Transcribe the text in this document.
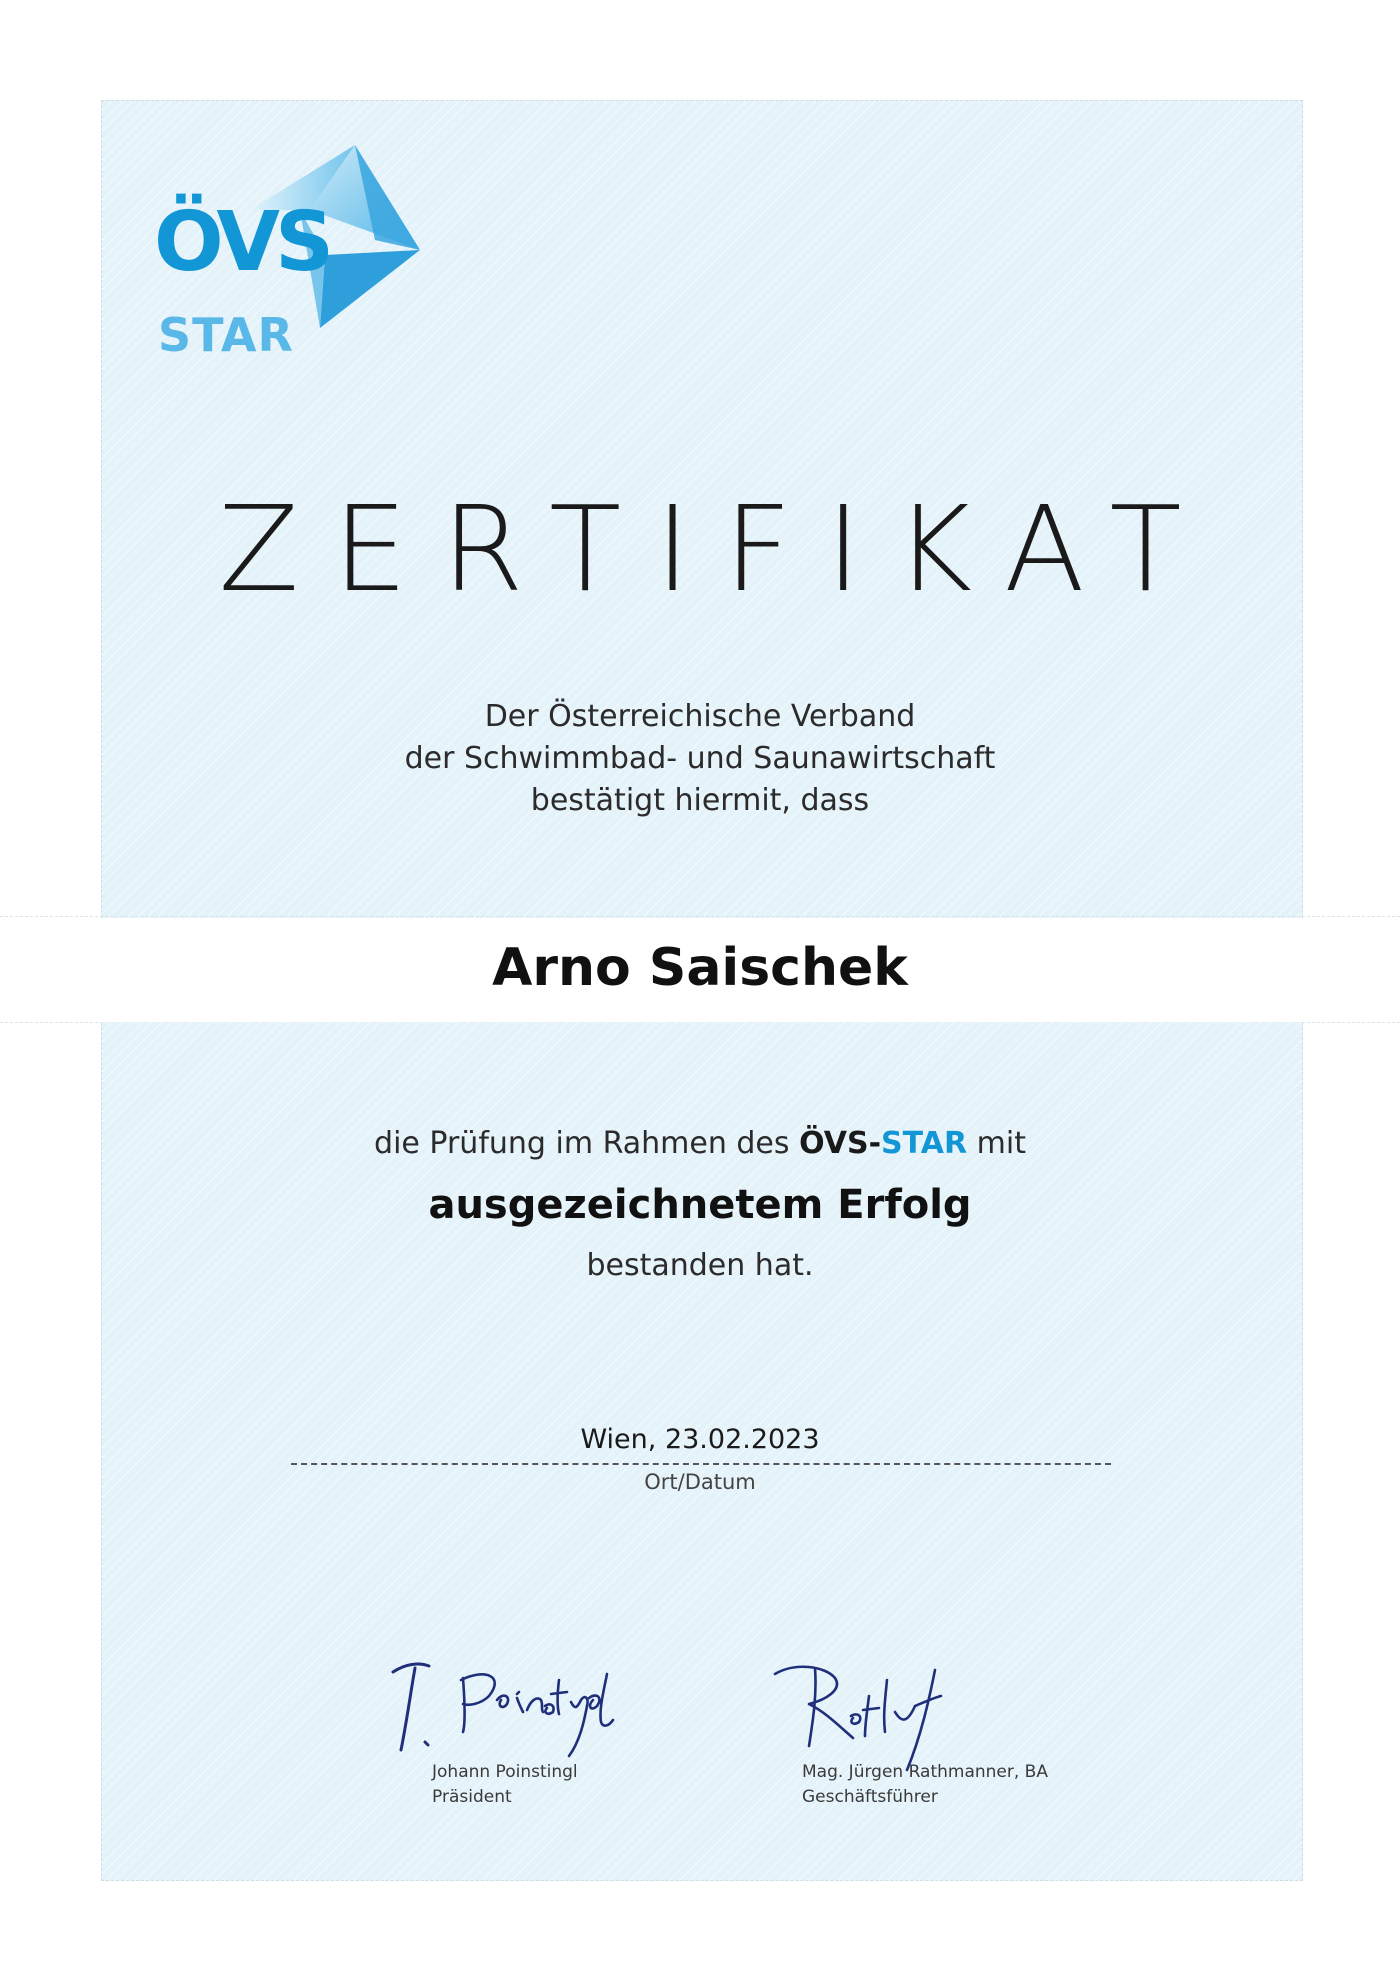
ÖVS
STAR
ZERTIFIKAT
Der Österreichische Verband
der Schwimmbad- und Saunawirtschaft
bestätigt hiermit, dass
Arno Saischek
die Prüfung im Rahmen des ÖVS-STAR mit
ausgezeichnetem Erfolg
bestanden hat.
Wien, 23.02.2023
Ort/Datum
Johann Poinstingl
Präsident
Mag. Jürgen Rathmanner, BA
Geschäftsführer
